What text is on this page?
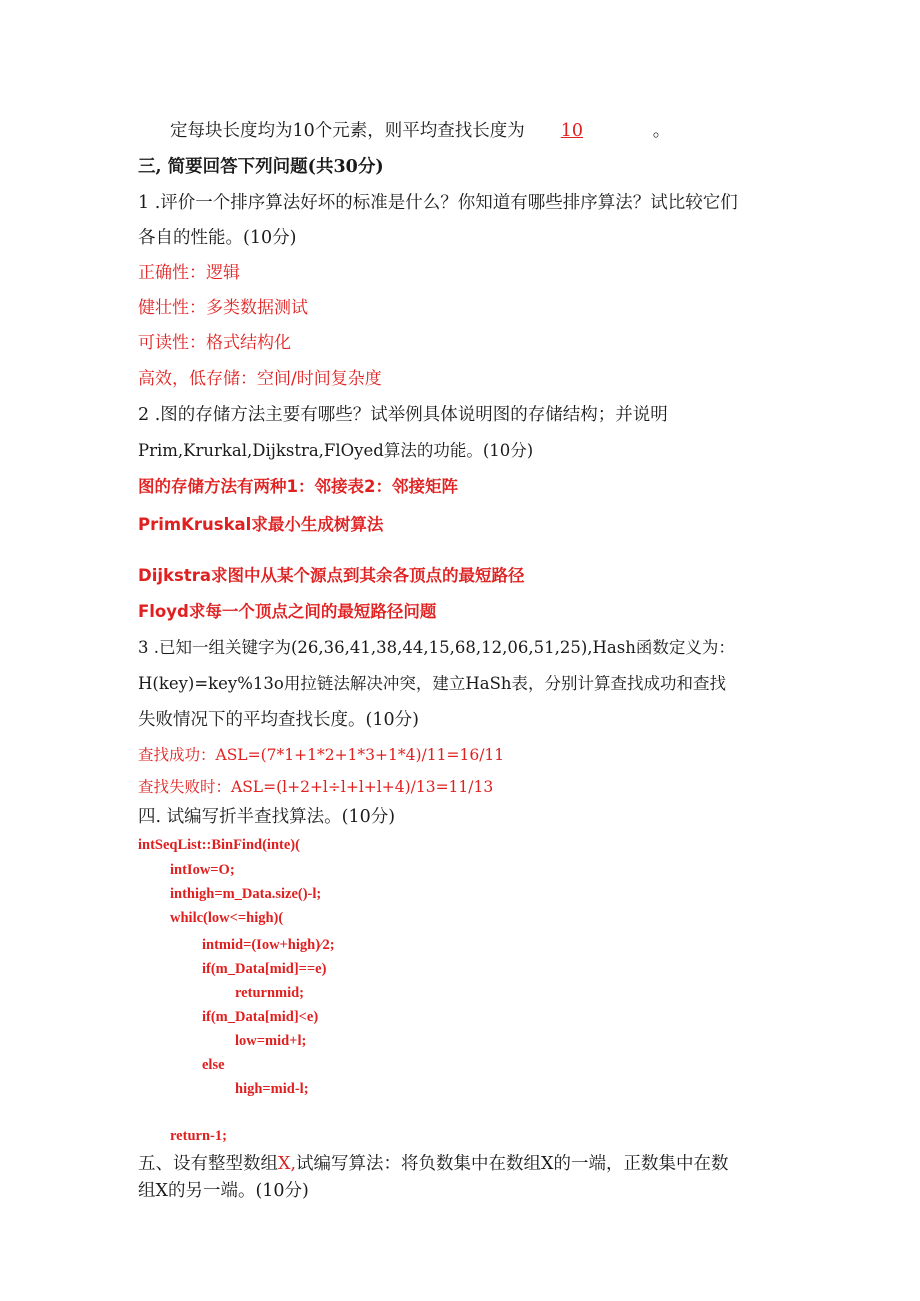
定每块长度均为10个元素，则平均查找长度为 10	。
三, 简要回答下列问题(共30分)
1 .评价一个排序算法好坏的标准是什么？你知道有哪些排序算法？试比较它们
各自的性能。(10分)
正确性：逻辑
健壮性：多类数据测试
可读性：格式结构化
高效，低存储：空间/时间复杂度
2 .图的存储方法主要有哪些？试举例具体说明图的存储结构；并说明
Prim,Krurkal,Dijkstra,FlOyed算法的功能。(10分)
图的存储方法有两种1：邻接表2：邻接矩阵
PrimKruskal求最小生成树算法
Dijkstra求图中从某个源点到其余各顶点的最短路径
Floyd求每一个顶点之间的最短路径问题
3 .已知一组关键字为(26,36,41,38,44,15,68,12,06,51,25),Hash函数定义为：
H(key)=key%13o用拉链法解决冲突，建立HaSh表，分别计算查找成功和查找
失败情况下的平均查找长度。(10分)
查找成功：ASL=(7*1+1*2+1*3+1*4)/11=16/11
查找失败时：ASL=(l+2+l÷l+l+l+4)/13=11/13
四. 试编写折半查找算法。(10分)
intSeqList::BinFind(inte)(
intIow=O;
inthigh=m_Data.size()-l;
whilc(low<=high)(
intmid=(Iow+high)∕2;
if(m_Data[mid]==e)
returnmid;
if(m_Data[mid]<e)
low=mid+l;
else
high=mid-l;
return-1;
五、设有整型数组X,试编写算法：将负数集中在数组X的一端，正数集中在数
组X的另一端。(10分)
